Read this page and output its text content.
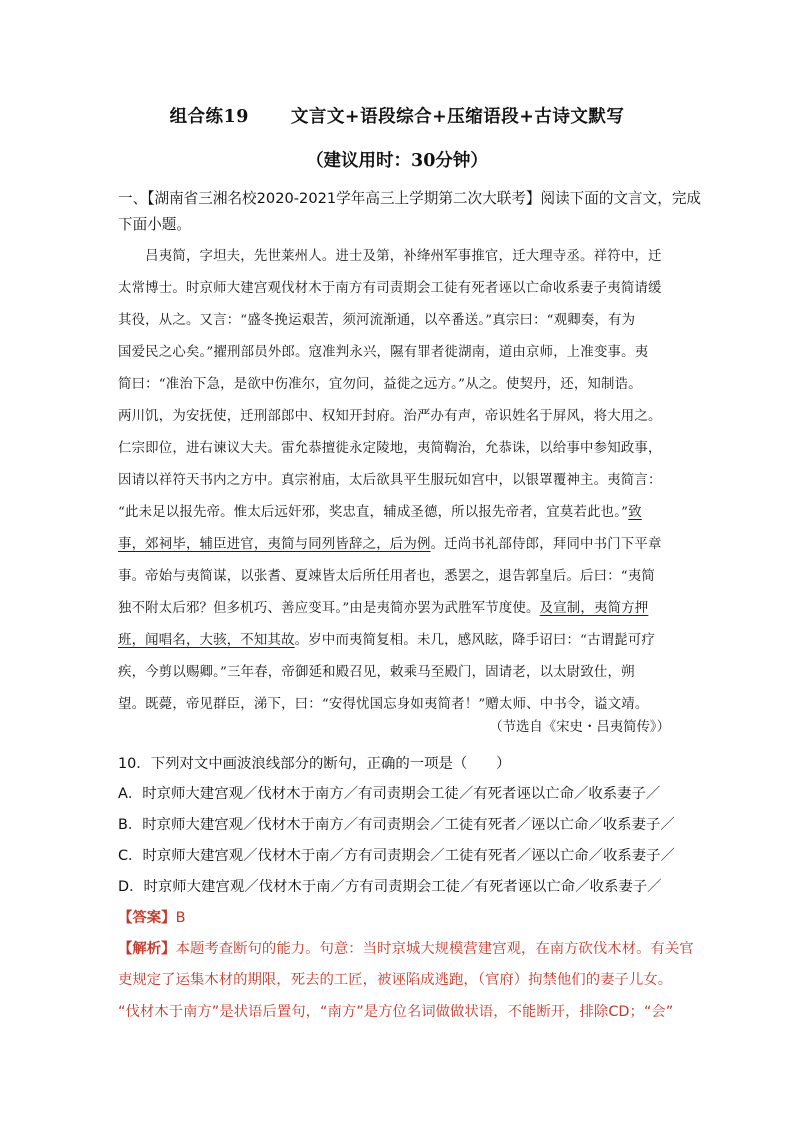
组合练19 文言文+语段综合+压缩语段+古诗文默写
（建议用时：30分钟）
一、【湖南省三湘名校2020-2021学年高三上学期第二次大联考】阅读下面的文言文，完成
下面小题。
　　吕夷简，字坦夫，先世莱州人。进士及第，补绛州军事推官，迁大理寺丞。祥符中，迁
太常博士。时京师大建宫观伐材木于南方有司责期会工徒有死者诬以亡命收系妻子夷简请缓
其役，从之。又言：“盛冬挽运艰苦，须河流渐通，以卒番送。”真宗曰：“观卿奏，有为
国爱民之心矣。”擢刑部员外郎。寇准判永兴，隰有罪者徙湖南，道由京师，上准变事。夷
简曰：“准治下急，是欲中伤准尔，宜勿问，益徙之远方。”从之。使契丹，还，知制诰。
两川饥，为安抚使，迁刑部郎中、权知开封府。治严办有声，帝识姓名于屏风，将大用之。
仁宗即位，进右谏议大夫。雷允恭擅徙永定陵地，夷简鞫治，允恭诛，以给事中参知政事，
因请以祥符天书内之方中。真宗祔庙，太后欲具平生服玩如宫中，以银罩覆神主。夷简言：
“此未足以报先帝。惟太后远奸邪，奖忠直，辅成圣德，所以报先帝者，宜莫若此也。”致
事，郊祠毕，辅臣进官，夷简与同列皆辞之，后为例。迁尚书礼部侍郎，拜同中书门下平章
事。帝始与夷简谋，以张耆、夏竦皆太后所任用者也，悉罢之，退告郭皇后。后曰：“夷简
独不附太后邪？但多机巧、善应变耳。”由是夷简亦罢为武胜军节度使。及宣制，夷简方押
班，闻唱名，大骇，不知其故。岁中而夷简复相。未几，感风眩，降手诏曰：“古谓髭可疗
疾，今剪以赐卿。”三年春，帝御延和殿召见，敕乘马至殿门，固请老，以太尉致仕，朔
望。既薨，帝见群臣，涕下，曰：“安得忧国忘身如夷简者！”赠太师、中书令，谥文靖。
（节选自《宋史・吕夷简传》）
10．下列对文中画波浪线部分的断句，正确的一项是（　　）
A．时京师大建宫观／伐材木于南方／有司责期会工徒／有死者诬以亡命／收系妻子／
B．时京师大建宫观／伐材木于南方／有司责期会／工徒有死者／诬以亡命／收系妻子／
C．时京师大建宫观／伐材木于南／方有司责期会／工徒有死者／诬以亡命／收系妻子／
D．时京师大建宫观／伐材木于南／方有司责期会工徒／有死者诬以亡命／收系妻子／
【答案】B
【解析】本题考查断句的能力。句意：当时京城大规模营建宫观，在南方砍伐木材。有关官
吏规定了运集木材的期限，死去的工匠，被诬陷成逃跑，（官府）拘禁他们的妻子儿女。
“伐材木于南方”是状语后置句，“南方”是方位名词做做状语，不能断开，排除CD；“会”
